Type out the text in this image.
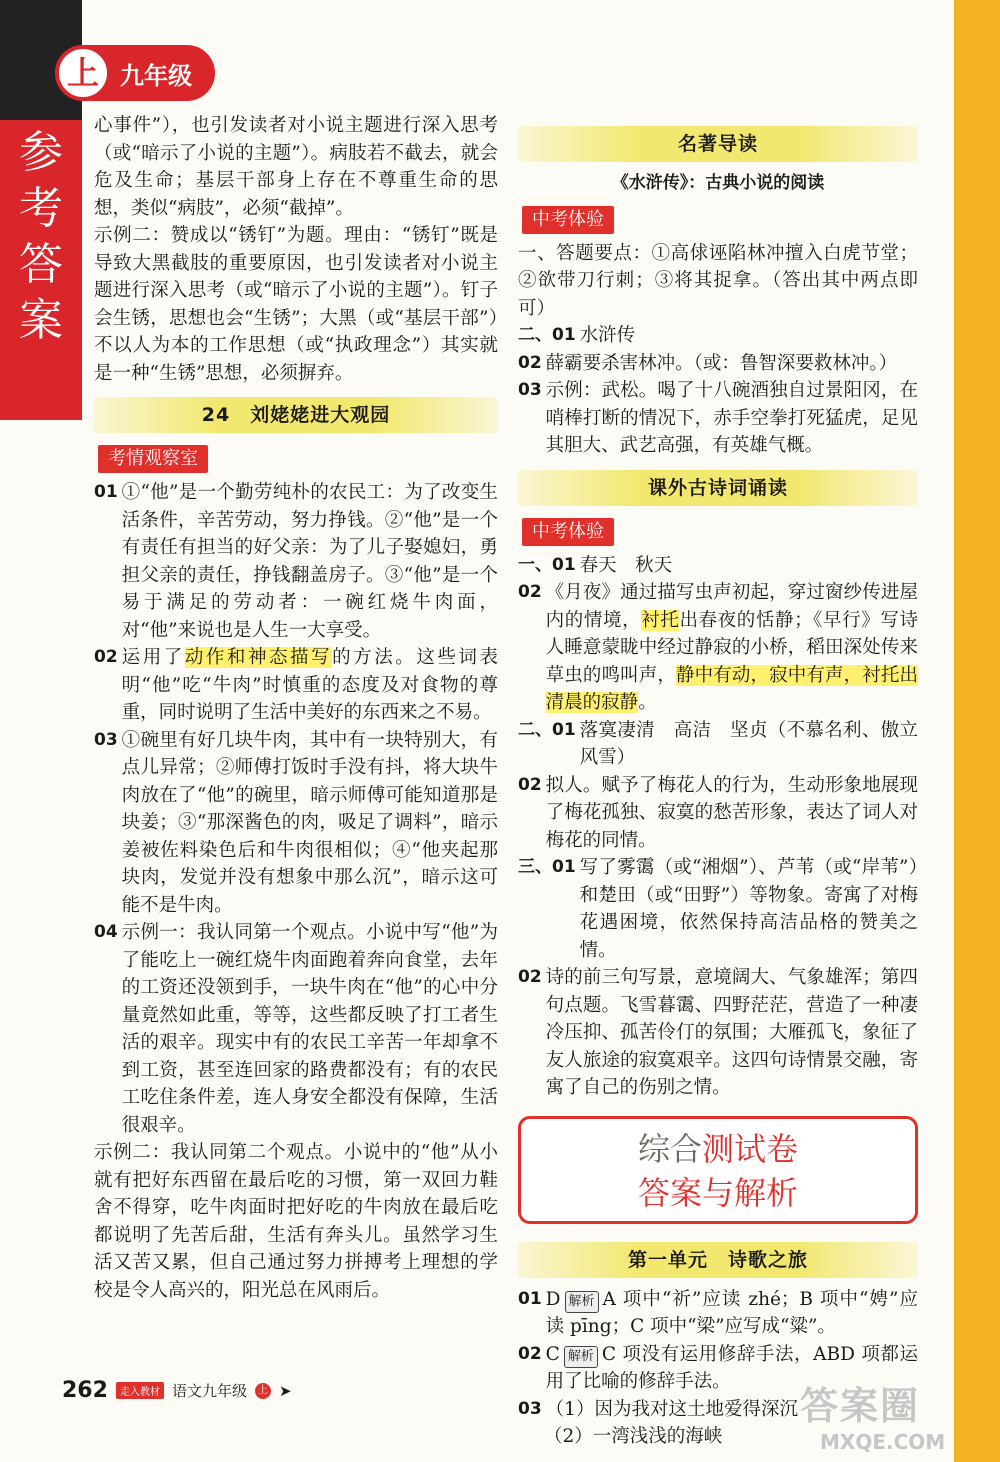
参
考
答
案
上 九年级

心事件”），也引发读者对小说主题进行深入思考（或“暗示了小说的主题”）。病肢若不截去，就会危及生命；基层干部身上存在不尊重生命的思想，类似“病肢”，必须“截掉”。

示例二：赞成以“锈钉”为题。理由：“锈钉”既是导致大黑截肢的重要原因，也引发读者对小说主题进行深入思考（或“暗示了小说的主题”）。钉子会生锈，思想也会“生锈”；大黑（或“基层干部”）不以人为本的工作思想（或“执政理念”）其实就是一种“生锈”思想，必须摒弃。

24　刘姥姥进大观园
考情观察室
01 ①“他”是一个勤劳纯朴的农民工：为了改变生活条件，辛苦劳动，努力挣钱。②“他”是一个有责任有担当的好父亲：为了儿子娶媳妇，勇担父亲的责任，挣钱翻盖房子。③“他”是一个易于满足的劳动者：一碗红烧牛肉面，对“他”来说也是人生一大享受。

02 运用了动作和神态描写的方法。这些词表明“他”吃“牛肉”时慎重的态度及对食物的尊重，同时说明了生活中美好的东西来之不易。

03 ①碗里有好几块牛肉，其中有一块特别大，有点儿异常；②师傅打饭时手没有抖，将大块牛肉放在了“他”的碗里，暗示师傅可能知道那是块姜；③“那深酱色的肉，吸足了调料”，暗示姜被佐料染色后和牛肉很相似；④“他夹起那块肉，发觉并没有想象中那么沉”，暗示这可能不是牛肉。

04 示例一：我认同第一个观点。小说中写“他”为了能吃上一碗红烧牛肉面跑着奔向食堂，去年的工资还没领到手，一块牛肉在“他”的心中分量竟然如此重，等等，这些都反映了打工者生活的艰辛。现实中有的农民工辛苦一年却拿不到工资，甚至连回家的路费都没有；有的农民工吃住条件差，连人身安全都没有保障，生活很艰辛。

示例二：我认同第二个观点。小说中的“他”从小就有把好东西留在最后吃的习惯，第一双回力鞋舍不得穿，吃牛肉面时把好吃的牛肉放在最后吃都说明了先苦后甜，生活有奔头儿。虽然学习生活又苦又累，但自己通过努力拼搏考上理想的学校是令人高兴的，阳光总在风雨后。

名著导读
《水浒传》：古典小说的阅读
中考体验

一、答题要点：①高俅诬陷林冲擅入白虎节堂；②欲带刀行刺；③将其捉拿。（答出其中两点即可）

二、01 水浒传

02 薛霸要杀害林冲。（或：鲁智深要救林冲。）

03 示例：武松。喝了十八碗酒独自过景阳冈，在哨棒打断的情况下，赤手空拳打死猛虎，足见其胆大、武艺高强，有英雄气概。

课外古诗词诵读
中考体验
一、01 春天　秋天

02 《月夜》通过描写虫声初起，穿过窗纱传进屋内的情境，衬托出春夜的恬静；《早行》写诗人睡意蒙眬中经过静寂的小桥，稻田深处传来草虫的鸣叫声，静中有动，寂中有声，衬托出清晨的寂静。

二、01 落寞凄清　高洁　坚贞（不慕名利、傲立风雪）

02 拟人。赋予了梅花人的行为，生动形象地展现了梅花孤独、寂寞的愁苦形象，表达了词人对梅花的同情。

三、01 写了雾霭（或“湘烟”）、芦苇（或“岸苇”）和楚田（或“田野”）等物象。寄寓了对梅花遇困境，依然保持高洁品格的赞美之情。

02 诗的前三句写景，意境阔大、气象雄浑；第四句点题。飞雪暮霭、四野茫茫，营造了一种凄冷压抑、孤苦伶仃的氛围；大雁孤飞，象征了友人旅途的寂寞艰辛。这四句诗情景交融，寄寓了自己的伤别之情。

综合测试卷
答案与解析
第一单元　诗歌之旅
01 D 解析 A 项中“祈”应读 zhé；B 项中“娉”应读 pīng；C 项中“梁”应写成“粱”。

02 C 解析 C 项没有运用修辞手法，ABD 项都运用了比喻的修辞手法。

03 （1）因为我对这土地爱得深沉

（2）一湾浅浅的海峡

262	走入教材 语文九年级	上 ➤	答案圈
MXQE.COM
